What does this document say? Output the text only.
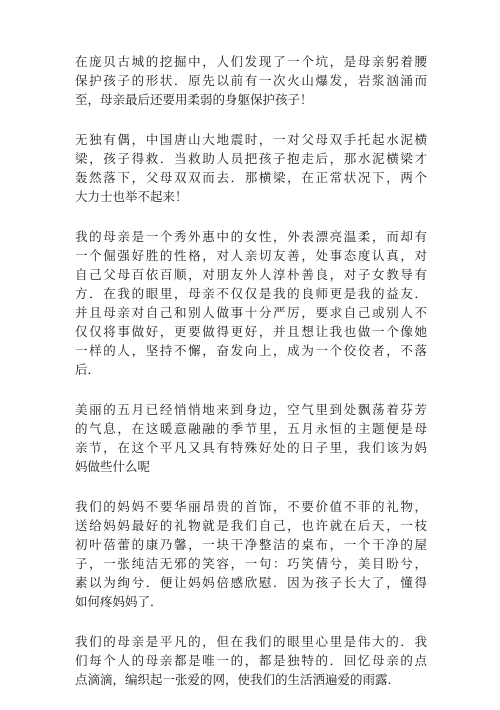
在庞贝古城的挖掘中，人们发现了一个坑，是母亲躬着腰
保护孩子的形状．原先以前有一次火山爆发，岩浆汹涌而
至，母亲最后还要用柔弱的身躯保护孩子！

无独有偶，中国唐山大地震时，一对父母双手托起水泥横
梁，孩子得救．当救助人员把孩子抱走后，那水泥横梁才
轰然落下，父母双双而去．那横梁，在正常状况下，两个
大力士也举不起来！

我的母亲是一个秀外惠中的女性，外表漂亮温柔，而却有
一个倔强好胜的性格，对人亲切友善，处事态度认真，对
自己父母百依百顺，对朋友外人淳朴善良，对子女教导有
方．在我的眼里，母亲不仅仅是我的良师更是我的益友．
并且母亲对自己和别人做事十分严厉，要求自己或别人不
仅仅将事做好，更要做得更好，并且想让我也做一个像她
一样的人，坚持不懈，奋发向上，成为一个佼佼者，不落
后．

美丽的五月已经悄悄地来到身边，空气里到处飘荡着芬芳
的气息，在这暖意融融的季节里，五月永恒的主题便是母
亲节，在这个平凡又具有特殊好处的日子里，我们该为妈
妈做些什么呢

我们的妈妈不要华丽昂贵的首饰，不要价值不菲的礼物，
送给妈妈最好的礼物就是我们自己，也许就在后天，一枝
初叶蓓蕾的康乃馨，一块干净整洁的桌布，一个干净的屋
子，一张纯洁无邪的笑容，一句：巧笑倩兮，美目盼兮，
素以为绚兮．便让妈妈倍感欣慰．因为孩子长大了，懂得
如何疼妈妈了．

我们的母亲是平凡的，但在我们的眼里心里是伟大的．我
们每个人的母亲都是唯一的，都是独特的．回忆母亲的点
点滴滴，编织起一张爱的网，使我们的生活洒遍爱的雨露.
